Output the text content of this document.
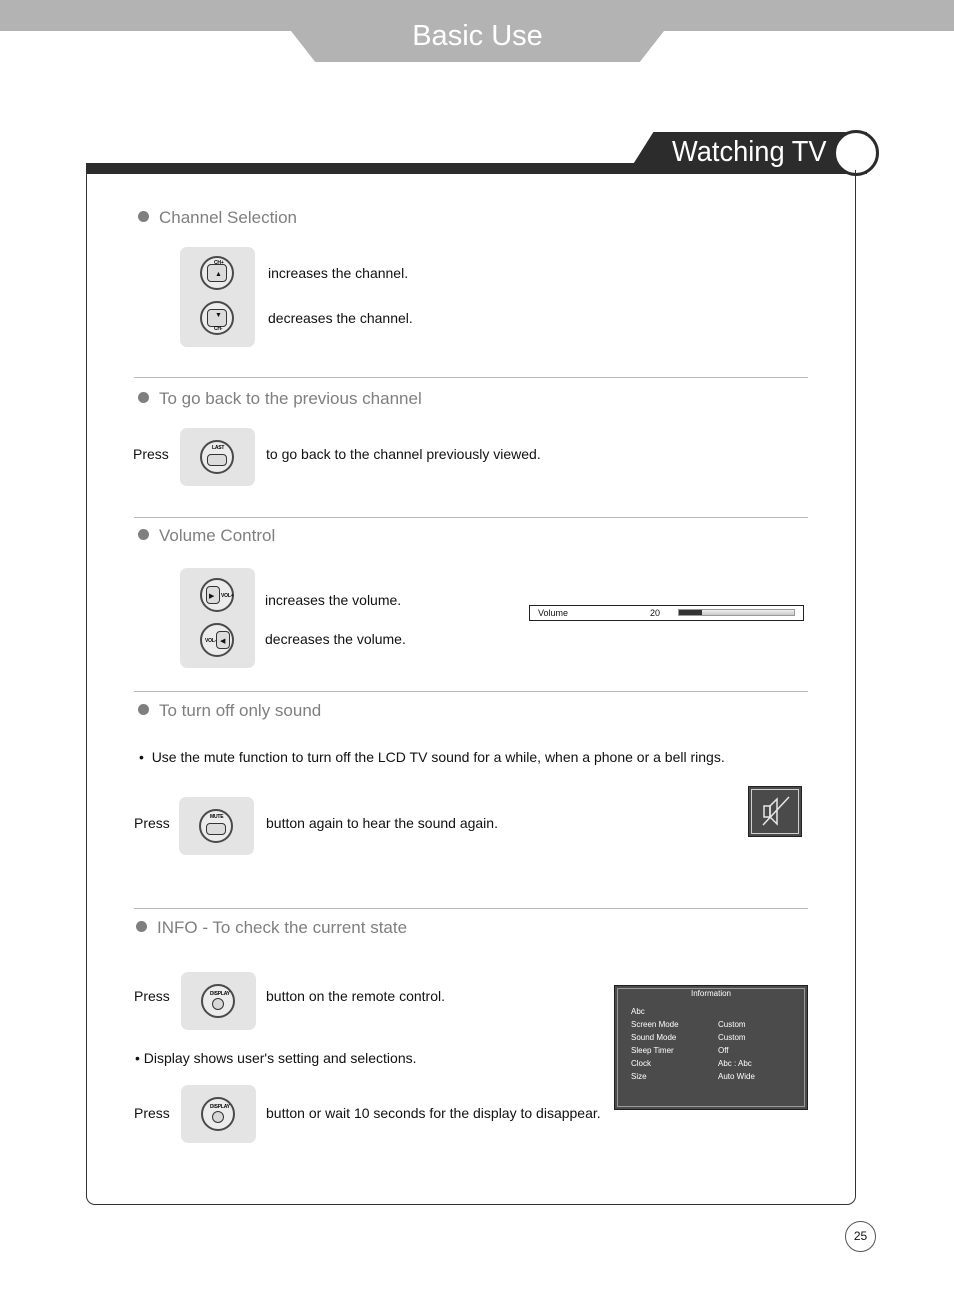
Basic Use
Watching TV
Channel Selection
CH+
▲
▼
CH-
increases the channel.
decreases the channel.
To go back to the previous channel
Press	LAST	to go back to the channel previously viewed.
Volume Control
▶ VOL+
VOL- ◀
increases the volume.
decreases the volume.
Volume	20
To turn off only sound
•  Use the mute function to turn off the LCD TV sound for a while, when a phone or a bell rings.
Press	MUTE	button again to hear the sound again.
INFO - To check the current state
Press	DISPLAY	button on the remote control.
• Display shows user's setting and selections.
Press	DISPLAY	button or wait 10 seconds for the display to disappear.
Information
Abc
Screen Mode	Custom
Sound Mode	Custom
Sleep Timer	Off
Clock	Abc : Abc
Size	Auto Wide
25
